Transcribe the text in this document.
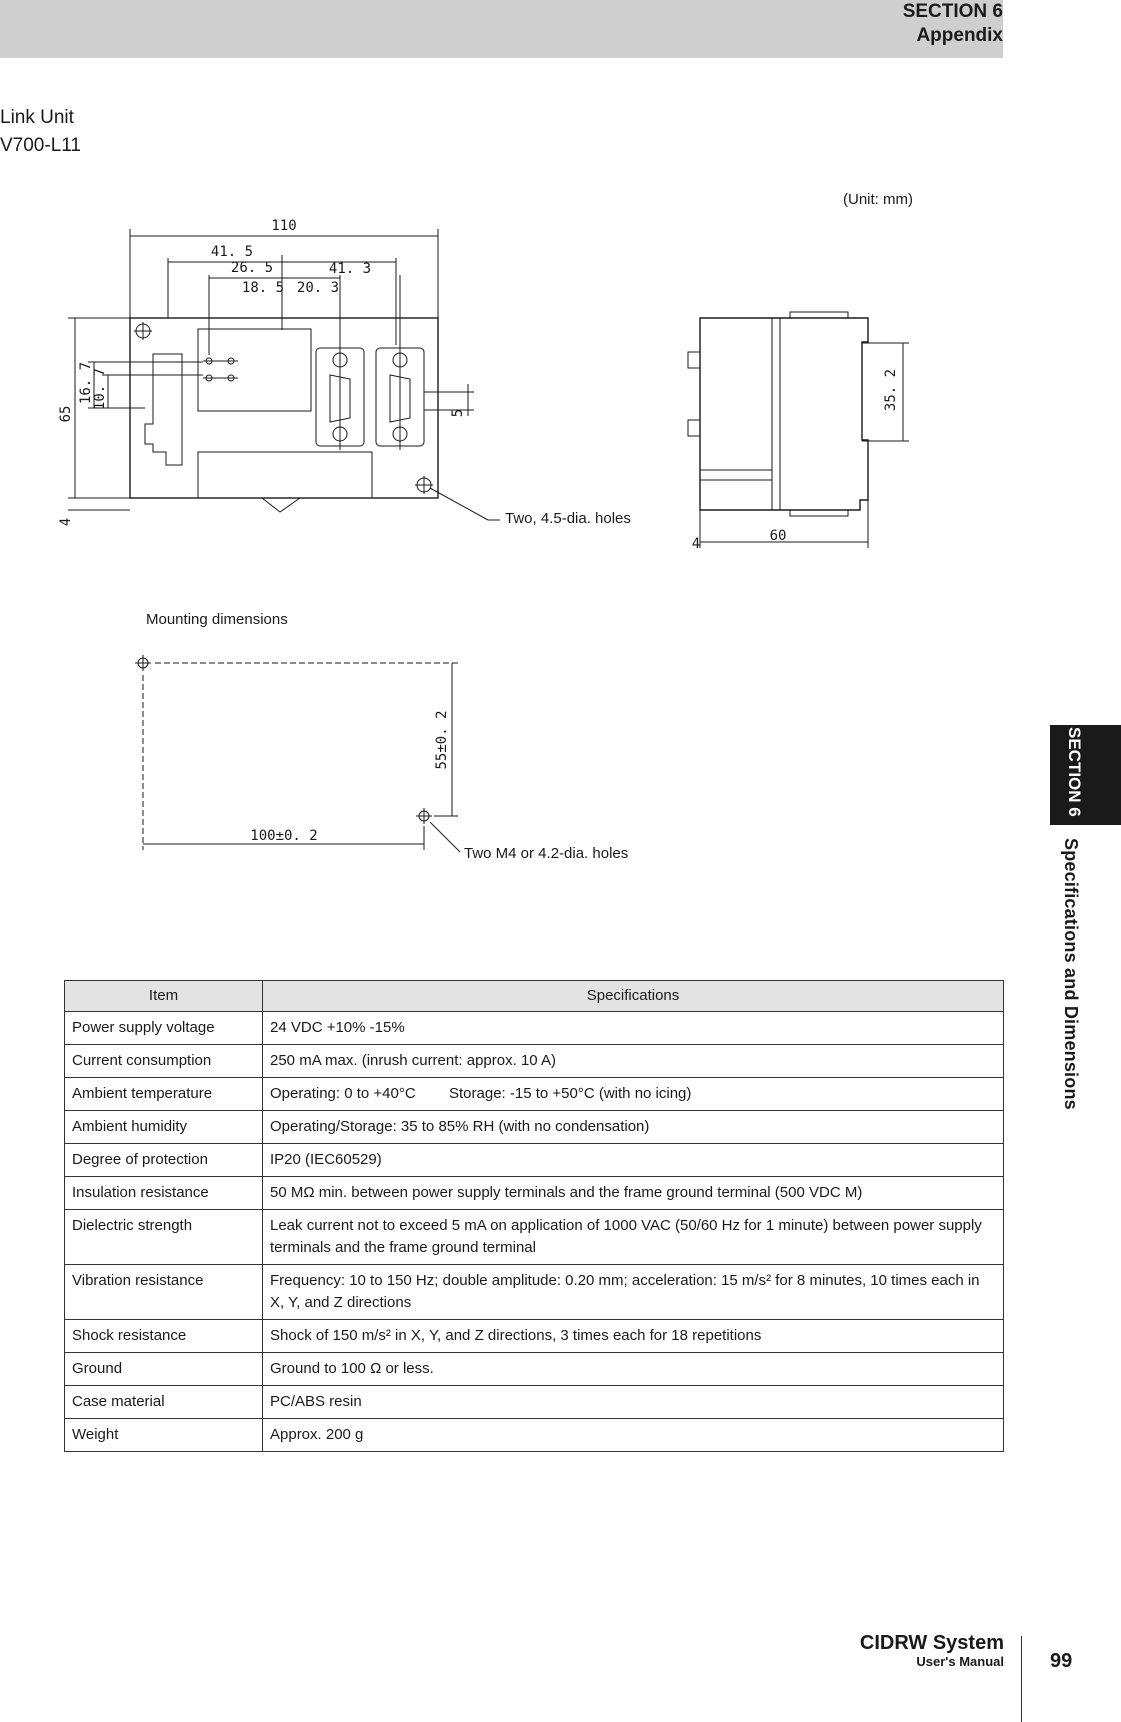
SECTION 6
Appendix
Link Unit
V700-L11
(Unit: mm)
110
41. 5
26. 5	41. 3
18. 5 20. 3
16. 7
10. 7
65	5
4	Two, 4.5-dia. holes
35. 2
60
4
Mounting dimensions
55±0. 2
100±0. 2
Two M4 or 4.2-dia. holes
SECTION 6
Specifications and Dimensions
Item	Specifications
Power supply voltage	24 VDC +10% -15%
Current consumption	250 mA max. (inrush current: approx. 10 A)
Ambient temperature	Operating: 0 to +40°C        Storage: -15 to +50°C (with no icing)
Ambient humidity	Operating/Storage: 35 to 85% RH (with no condensation)
Degree of protection	IP20 (IEC60529)
Insulation resistance	50 MΩ min. between power supply terminals and the frame ground terminal (500 VDC M)
Dielectric strength	Leak current not to exceed 5 mA on application of 1000 VAC (50/60 Hz for 1 minute) between power supply terminals and the frame ground terminal
Vibration resistance	Frequency: 10 to 150 Hz; double amplitude: 0.20 mm; acceleration: 15 m/s² for 8 minutes, 10 times each in X, Y, and Z directions
Shock resistance	Shock of 150 m/s² in X, Y, and Z directions, 3 times each for 18 repetitions
Ground	Ground to 100 Ω or less.
Case material	PC/ABS resin
Weight	Approx. 200 g
CIDRW System
User's Manual 99
